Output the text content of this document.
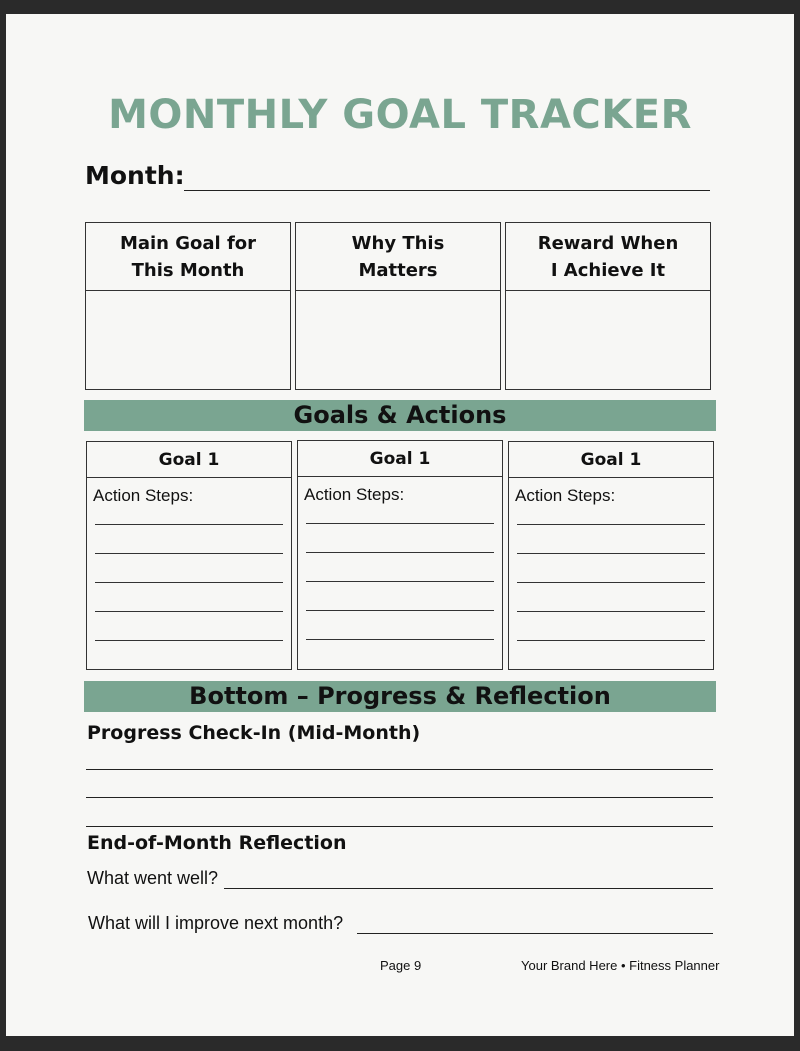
MONTHLY GOAL TRACKER
Month:
Main Goal for
This Month
Why This
Matters
Reward When
I Achieve It
Goals & Actions
Goal 1
Action Steps:
Goal 1
Action Steps:
Goal 1
Action Steps:
Bottom – Progress & Reflection
Progress Check-In (Mid-Month)
End-of-Month Reflection
What went well?
What will I improve next month?
Page 9	Your Brand Here • Fitness Planner
